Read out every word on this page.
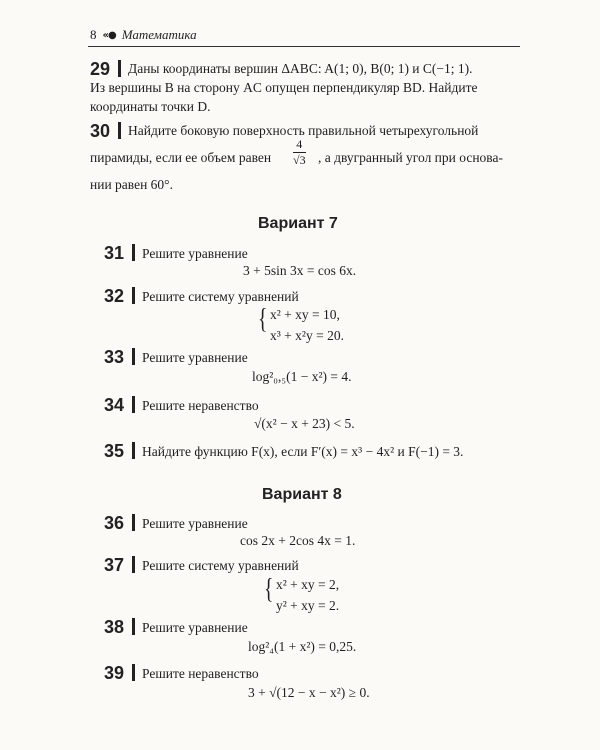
8 «● Математика
29 Даны координаты вершин ΔABC: A(1; 0), B(0; 1) и C(−1; 1).
Из вершины B на сторону AC опущен перпендикуляр BD. Найдите
координаты точки D.
30 Найдите боковую поверхность правильной четырехугольной
пирамиды, если ее объем равен $\frac{4}{√3}$ , а двугранный угол при основа-
нии равен 60°.
Вариант 7
31 Решите уравнение
3 + 5sin 3x = cos 6x.
32 Решите систему уравнений
{ x² + xy = 10,
x³ + x²y = 20.
33 Решите уравнение
log²₀,₅(1 − x²) = 4.
34 Решите неравенство
√(x² − x + 23) < 5.
35 Найдите функцию F(x), если F′(x) = x³ − 4x² и F(−1) = 3.
Вариант 8
36 Решите уравнение
cos 2x + 2cos 4x = 1.
37 Решите систему уравнений
{ x² + xy = 2,
y² + xy = 2.
38 Решите уравнение
log²₄(1 + x²) = 0,25.
39 Решите неравенство
3 + √(12 − x − x²) ≥ 0.
